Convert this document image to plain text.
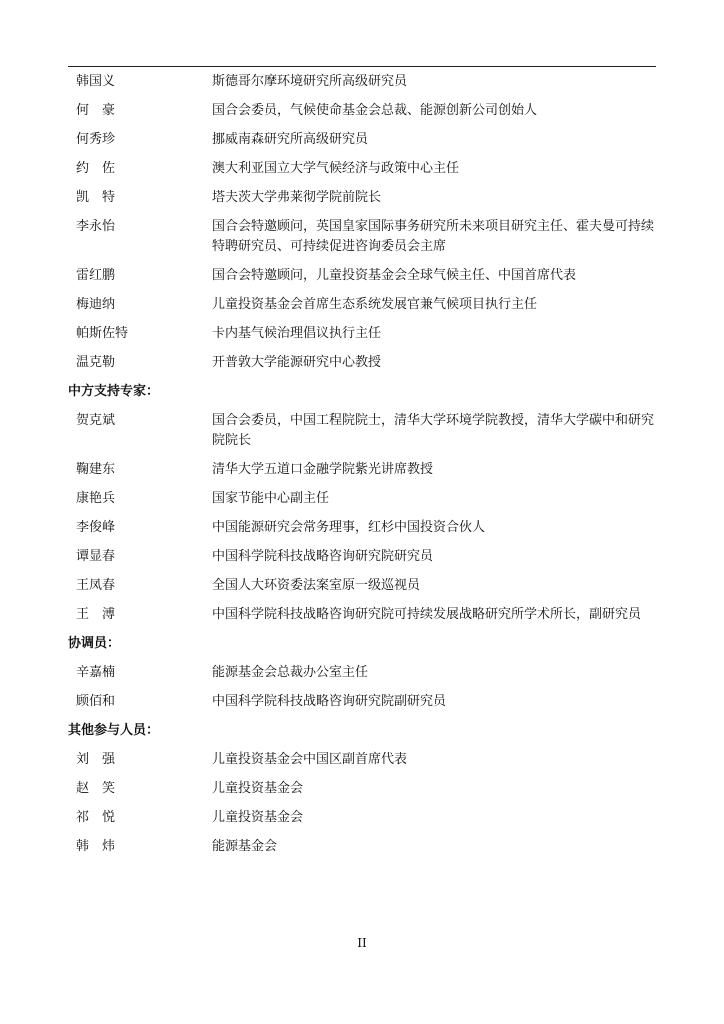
韩国义	斯德哥尔摩环境研究所高级研究员
何　豪	国合会委员，气候使命基金会总裁、能源创新公司创始人
何秀珍	挪威南森研究所高级研究员
约　佐	澳大利亚国立大学气候经济与政策中心主任
凯　特	塔夫茨大学弗莱彻学院前院长
李永怡	国合会特邀顾问，英国皇家国际事务研究所未来项目研究主任、霍夫曼可持续特聘研究员、可持续促进咨询委员会主席
雷红鹏	国合会特邀顾问，儿童投资基金会全球气候主任、中国首席代表
梅迪纳	儿童投资基金会首席生态系统发展官兼气候项目执行主任
帕斯佐特	卡内基气候治理倡议执行主任
温克勒	开普敦大学能源研究中心教授
中方支持专家：
贺克斌	国合会委员，中国工程院院士，清华大学环境学院教授，清华大学碳中和研究院院长
鞠建东	清华大学五道口金融学院紫光讲席教授
康艳兵	国家节能中心副主任
李俊峰	中国能源研究会常务理事，红杉中国投资合伙人
谭显春	中国科学院科技战略咨询研究院研究员
王凤春	全国人大环资委法案室原一级巡视员
王　溥	中国科学院科技战略咨询研究院可持续发展战略研究所学术所长，副研究员
协调员：
辛嘉楠	能源基金会总裁办公室主任
顾佰和	中国科学院科技战略咨询研究院副研究员
其他参与人员：
刘　强	儿童投资基金会中国区副首席代表
赵　笑	儿童投资基金会
祁　悦	儿童投资基金会
韩　炜	能源基金会
II
